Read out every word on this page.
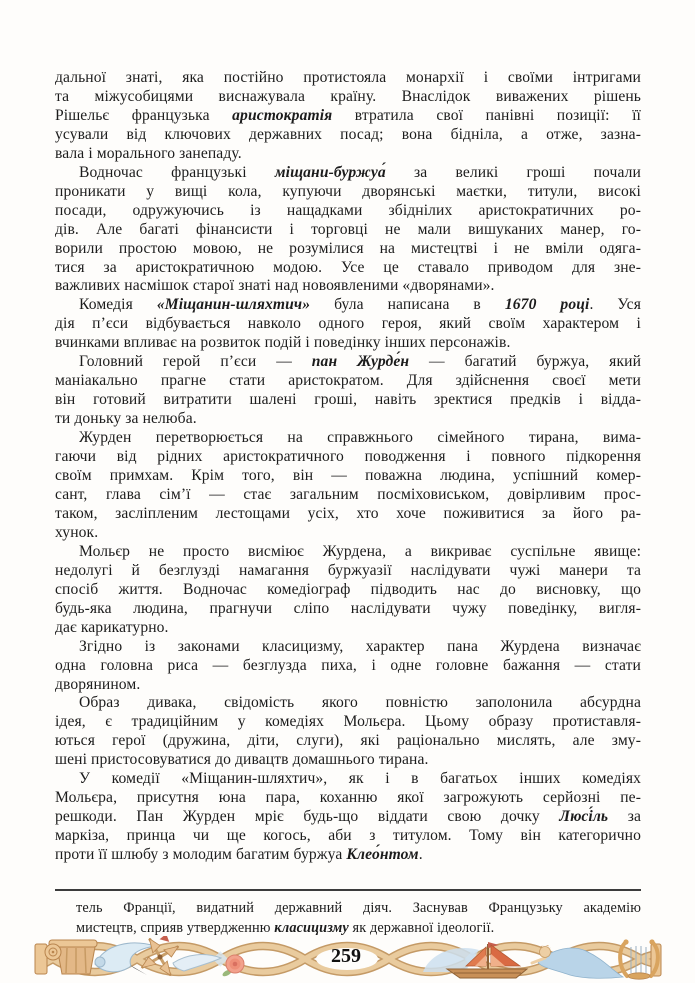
дальної знаті, яка постійно протистояла монархії і своїми інтригами
та міжусобицями виснажувала країну. Внаслідок виважених рішень
Рішельє французька аристократія втратила свої панівні позиції: її
усували від ключових державних посад; вона бідніла, а отже, зазна-
вала і морального занепаду.
Водночас французькі міщани-буржуа́ за великі гроші почали
проникати у вищі кола, купуючи дворянські маєтки, титули, високі
посади, одружуючись із нащадками збіднілих аристократичних ро-
дів. Але багаті фінансисти і торговці не мали вишуканих манер, го-
ворили простою мовою, не розумілися на мистецтві і не вміли одяга-
тися за аристократичною модою. Усе це ставало приводом для зне-
важливих насмішок старої знаті над новоявленими «дворянами».
Комедія «Міщанин-шляхтич» була написана в 1670 році. Уся
дія п’єси відбувається навколо одного героя, який своїм характером і
вчинками впливає на розвиток подій і поведінку інших персонажів.
Головний герой п’єси — пан Журде́н — багатий буржуа, який
маніакально прагне стати аристократом. Для здійснення своєї мети
він готовий витратити шалені гроші, навіть зректися предків і відда-
ти доньку за нелюба.
Журден перетворюється на справжнього сімейного тирана, вима-
гаючи від рідних аристократичного поводження і повного підкорення
своїм примхам. Крім того, він — поважна людина, успішний комер-
сант, глава сім’ї — стає загальним посміховиськом, довірливим прос-
таком, засліпленим лестощами усіх, хто хоче поживитися за його ра-
хунок.
Мольєр не просто висміює Журдена, а викриває суспільне явище:
недолугі й безглузді намагання буржуазії наслідувати чужі манери та
спосіб життя. Водночас комедіограф підводить нас до висновку, що
будь-яка людина, прагнучи сліпо наслідувати чужу поведінку, вигля-
дає карикатурно.
Згідно із законами класицизму, характер пана Журдена визначає
одна головна риса — безглузда пиха, і одне головне бажання — стати
дворянином.
Образ дивака, свідомість якого повністю заполонила абсурдна
ідея, є традиційним у комедіях Мольєра. Цьому образу протиставля-
ються герої (дружина, діти, слуги), які раціонально мислять, але зму-
шені пристосовуватися до дивацтв домашнього тирана.
У комедії «Міщанин-шляхтич», як і в багатьох інших комедіях
Мольєра, присутня юна пара, коханню якої загрожують серйозні пе-
решкоди. Пан Журден мріє будь-що віддати свою дочку Люсі́ль за
маркіза, принца чи ще когось, аби з титулом. Тому він категорично
проти її шлюбу з молодим багатим буржуа Клео́нтом.
тель Франції, видатний державний діяч. Заснував Французьку академію
мистецтв, сприяв утвердженню класицизму як державної ідеології.
259
